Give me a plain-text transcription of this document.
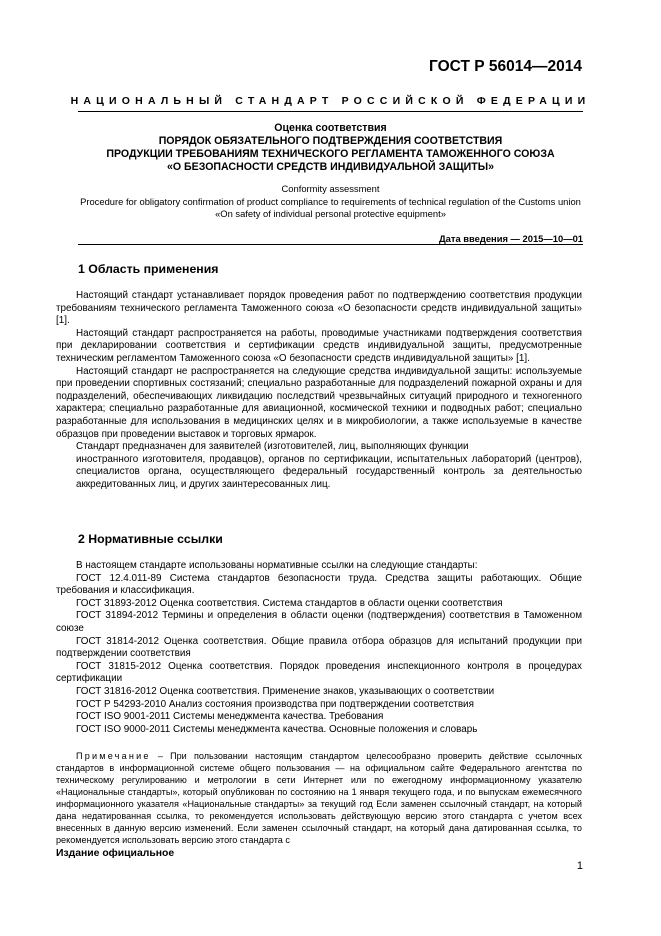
ГОСТ Р 56014—2014
НАЦИОНАЛЬНЫЙ СТАНДАРТ РОССИЙСКОЙ ФЕДЕРАЦИИ
Оценка соответствия
ПОРЯДОК ОБЯЗАТЕЛЬНОГО ПОДТВЕРЖДЕНИЯ СООТВЕТСТВИЯ
ПРОДУКЦИИ ТРЕБОВАНИЯМ ТЕХНИЧЕСКОГО РЕГЛАМЕНТА ТАМОЖЕННОГО СОЮЗА
«О БЕЗОПАСНОСТИ СРЕДСТВ ИНДИВИДУАЛЬНОЙ ЗАЩИТЫ»
Conformity assessment
Procedure for obligatory confirmation of product compliance to requirements of technical regulation of the Customs union
«On safety of individual personal protective equipment»
Дата введения — 2015—10—01
1 Область применения

Настоящий стандарт устанавливает порядок проведения работ по подтверждению соответствия продукции требованиям технического регламента Таможенного союза «О безопасности средств индивидуальной защиты» [1].

Настоящий стандарт распространяется на работы, проводимые участниками подтверждения соответствия при декларировании соответствия и сертификации средств индивидуальной защиты, предусмотренные техническим регламентом Таможенного союза «О безопасности средств индивидуальной защиты» [1].

Настоящий стандарт не распространяется на следующие средства индивидуальной защиты: используемые при проведении спортивных состязаний; специально разработанные для подразделений пожарной охраны и для подразделений, обеспечивающих ликвидацию последствий чрезвычайных ситуаций природного и техногенного характера; специально разработанные для авиационной, космической техники и подводных работ; специально разработанные для использования в медицинских целях и в микробиологии, а также используемые в качестве образцов при проведении выставок и торговых ярмарок.

Стандарт предназначен для заявителей (изготовителей, лиц, выполняющих функции

иностранного изготовителя, продавцов), органов по сертификации, испытательных лабораторий (центров), специалистов органа, осуществляющего федеральный государственный контроль за деятельностью аккредитованных лиц, и других заинтересованных лиц.

2 Нормативные ссылки

В настоящем стандарте использованы нормативные ссылки на следующие стандарты:

ГОСТ 12.4.011-89 Система стандартов безопасности труда. Средства защиты работающих. Общие требования и классификация.

ГОСТ 31893-2012 Оценка соответствия. Система стандартов в области оценки соответствия

ГОСТ 31894-2012 Термины и определения в области оценки (подтверждения) соответствия в Таможенном союзе

ГОСТ 31814-2012 Оценка соответствия. Общие правила отбора образцов для испытаний продукции при подтверждении соответствия

ГОСТ 31815-2012 Оценка соответствия. Порядок проведения инспекционного контроля в процедурах сертификации

ГОСТ 31816-2012 Оценка соответствия. Применение знаков, указывающих о соответствии

ГОСТ Р 54293-2010 Анализ состояния производства при подтверждении соответствия

ГОСТ ISO 9001-2011 Системы менеджмента качества. Требования

ГОСТ ISO 9000-2011 Системы менеджмента качества. Основные положения и словарь

Примечание – При пользовании настоящим стандартом целесообразно проверить действие ссылочных стандартов в информационной системе общего пользования — на официальном сайте Федерального агентства по техническому регулированию и метрологии в сети Интернет или по ежегодному информационному указателю «Национальные стандарты», который опубликован по состоянию на 1 января текущего года, и по выпускам ежемесячного информационного указателя «Национальные стандарты» за текущий год Если заменен ссылочный стандарт, на который дана недатированная ссылка, то рекомендуется использовать действующую версию этого стандарта с учетом всех внесенных в данную версию изменений. Если заменен ссылочный стандарт, на который дана датированная ссылка, то рекомендуется использовать версию этого стандарта с
Издание официальное
1
